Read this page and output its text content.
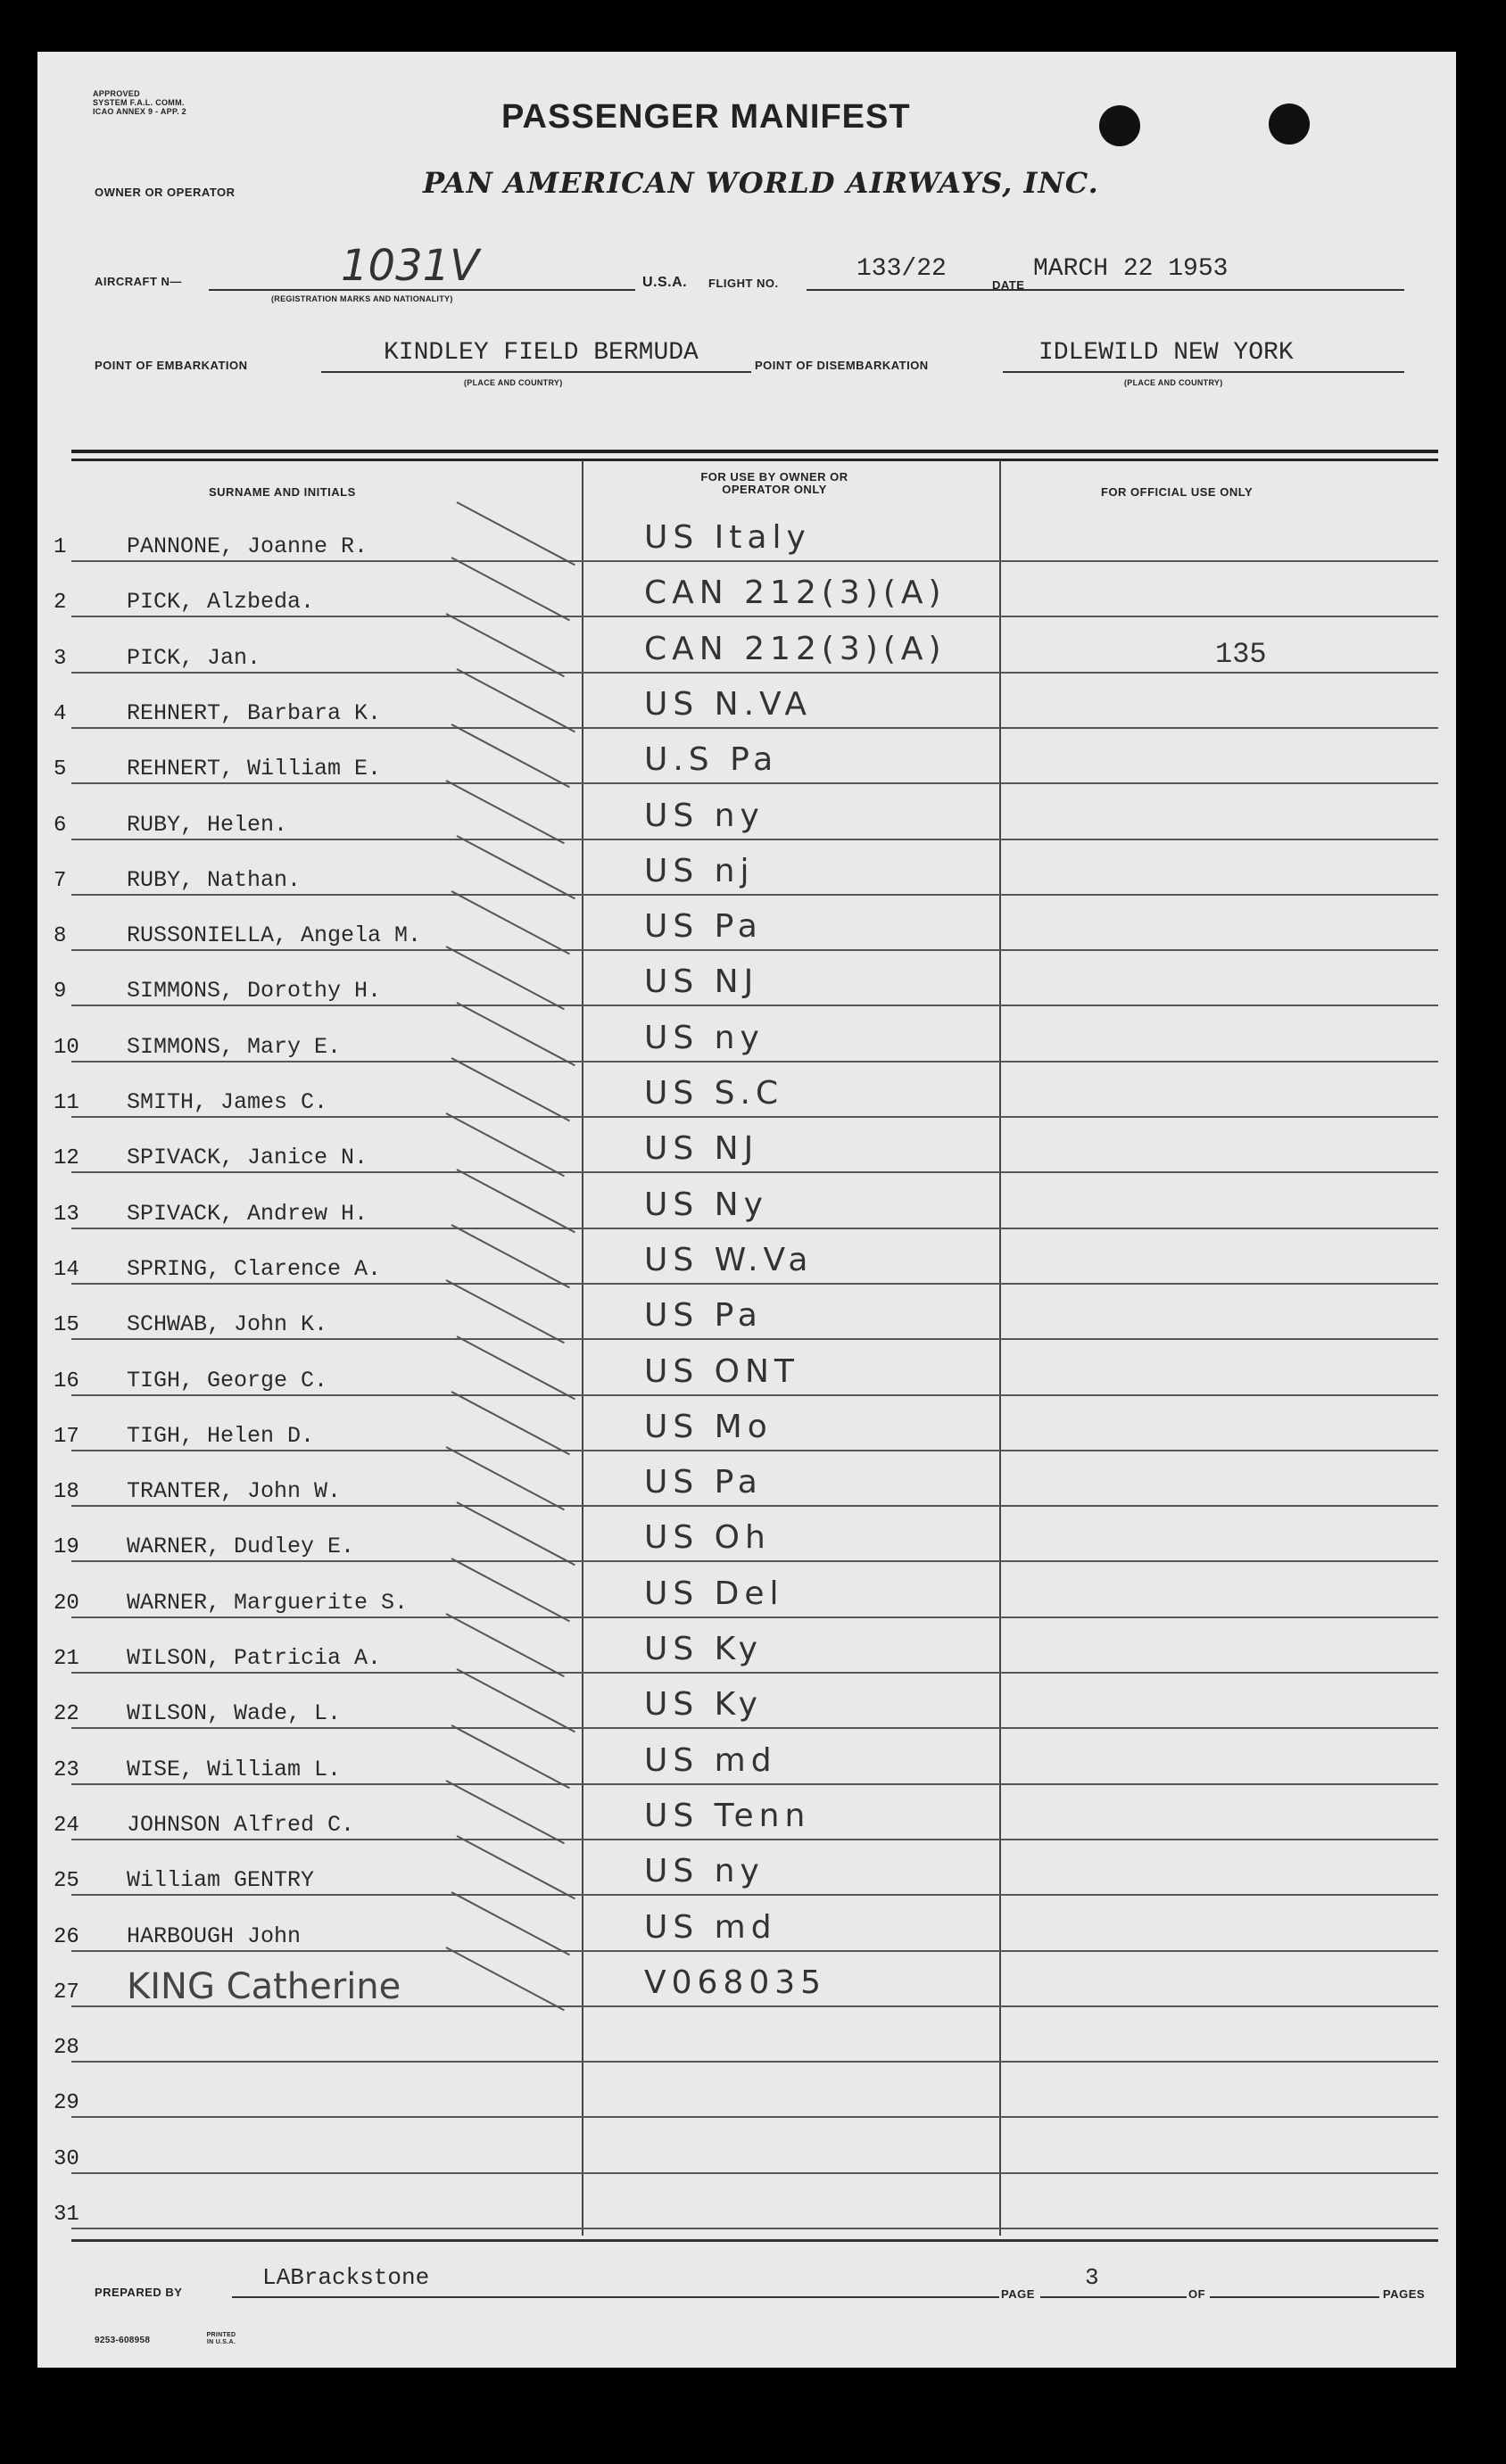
APPROVED
SYSTEM F.A.L. COMM.
ICAO ANNEX 9 - APP. 2	PASSENGER MANIFEST
OWNER OR OPERATOR	PAN AMERICAN WORLD AIRWAYS, INC.
AIRCRAFT N—	1031V
(REGISTRATION MARKS AND NATIONALITY)
U.S.A. FLIGHT NO.
133/22
DATE
MARCH 22 1953
POINT OF EMBARKATION	KINDLEY FIELD BERMUDA
(PLACE AND COUNTRY)
POINT OF DISEMBARKATION	IDLEWILD NEW YORK
(PLACE AND COUNTRY)
SURNAME AND INITIALS
FOR USE BY OWNER OR OPERATOR ONLY	FOR OFFICIAL USE ONLY
1	PANNONE, Joanne R.	US Italy
2	PICK, Alzbeda.	CAN 212(3)(A)
3	PICK, Jan.	CAN 212(3)(A)	135
4	REHNERT, Barbara K.	US N.VA
5	REHNERT, William E.	U.S Pa
6	RUBY, Helen.	US ny
7	RUBY, Nathan.	US nj
8	RUSSONIELLA, Angela M.	US Pa
9	SIMMONS, Dorothy H.	US NJ
10	SIMMONS, Mary E.	US ny
11	SMITH, James C.	US S.C
12	SPIVACK, Janice N.	US NJ
13	SPIVACK, Andrew H.	US Ny
14	SPRING, Clarence A.	US W.Va
15	SCHWAB, John K.	US Pa
16	TIGH, George C.	US ONT
17	TIGH, Helen D.	US Mo
18	TRANTER, John W.	US Pa
19	WARNER, Dudley E.	US Oh
20	WARNER, Marguerite S.	US Del
21	WILSON, Patricia A.	US Ky
22	WILSON, Wade, L.	US Ky
23	WISE, William L.	US md
24	JOHNSON Alfred C.	US Tenn
25	William GENTRY	US ny
26	HARBOUGH John	US md
27 KING Catherine	V068035
28
29
30
31
PREPARED BY
LABrackstone
PAGE
3
OF	PAGES
9253-608958
PRINTED IN U.S.A.
